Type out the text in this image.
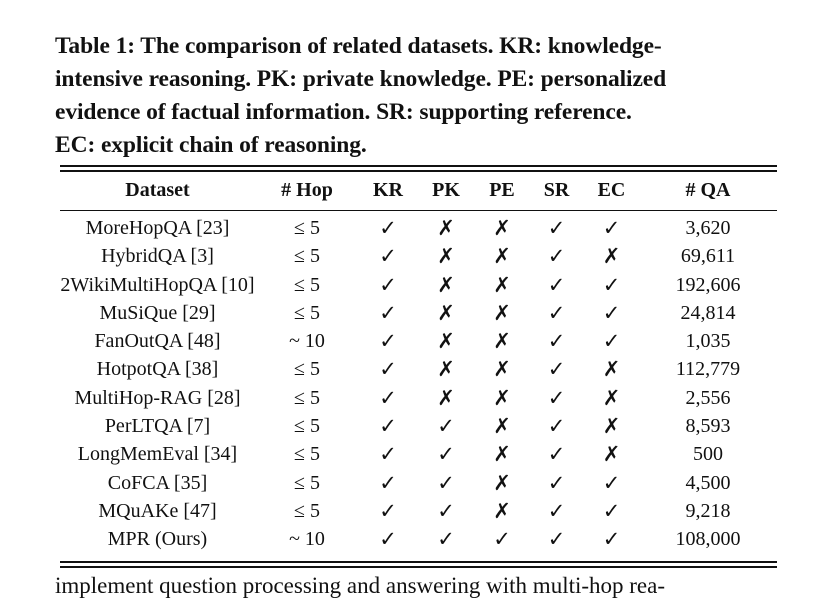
Table 1: The comparison of related datasets. KR: knowledge-
intensive reasoning. PK: private knowledge. PE: personalized
evidence of factual information. SR: supporting reference.
EC: explicit chain of reasoning.
Dataset	# Hop	KR	PK	PE	SR	EC	# QA
MoreHopQA [23]	≤ 5	✓	✗	✗	✓	✓	3,620
HybridQA [3]	≤ 5	✓	✗	✗	✓	✗	69,611
2WikiMultiHopQA [10]	≤ 5	✓	✗	✗	✓	✓	192,606
MuSiQue [29]	≤ 5	✓	✗	✗	✓	✓	24,814
FanOutQA [48]	~ 10	✓	✗	✗	✓	✓	1,035
HotpotQA [38]	≤ 5	✓	✗	✗	✓	✗	112,779
MultiHop-RAG [28]	≤ 5	✓	✗	✗	✓	✗	2,556
PerLTQA [7]	≤ 5	✓	✓	✗	✓	✗	8,593
LongMemEval [34]	≤ 5	✓	✓	✗	✓	✗	500
CoFCA [35]	≤ 5	✓	✓	✗	✓	✓	4,500
MQuAKe [47]	≤ 5	✓	✓	✗	✓	✓	9,218
MPR (Ours)	~ 10	✓	✓	✓	✓	✓	108,000
implement question processing and answering with multi-hop rea-
